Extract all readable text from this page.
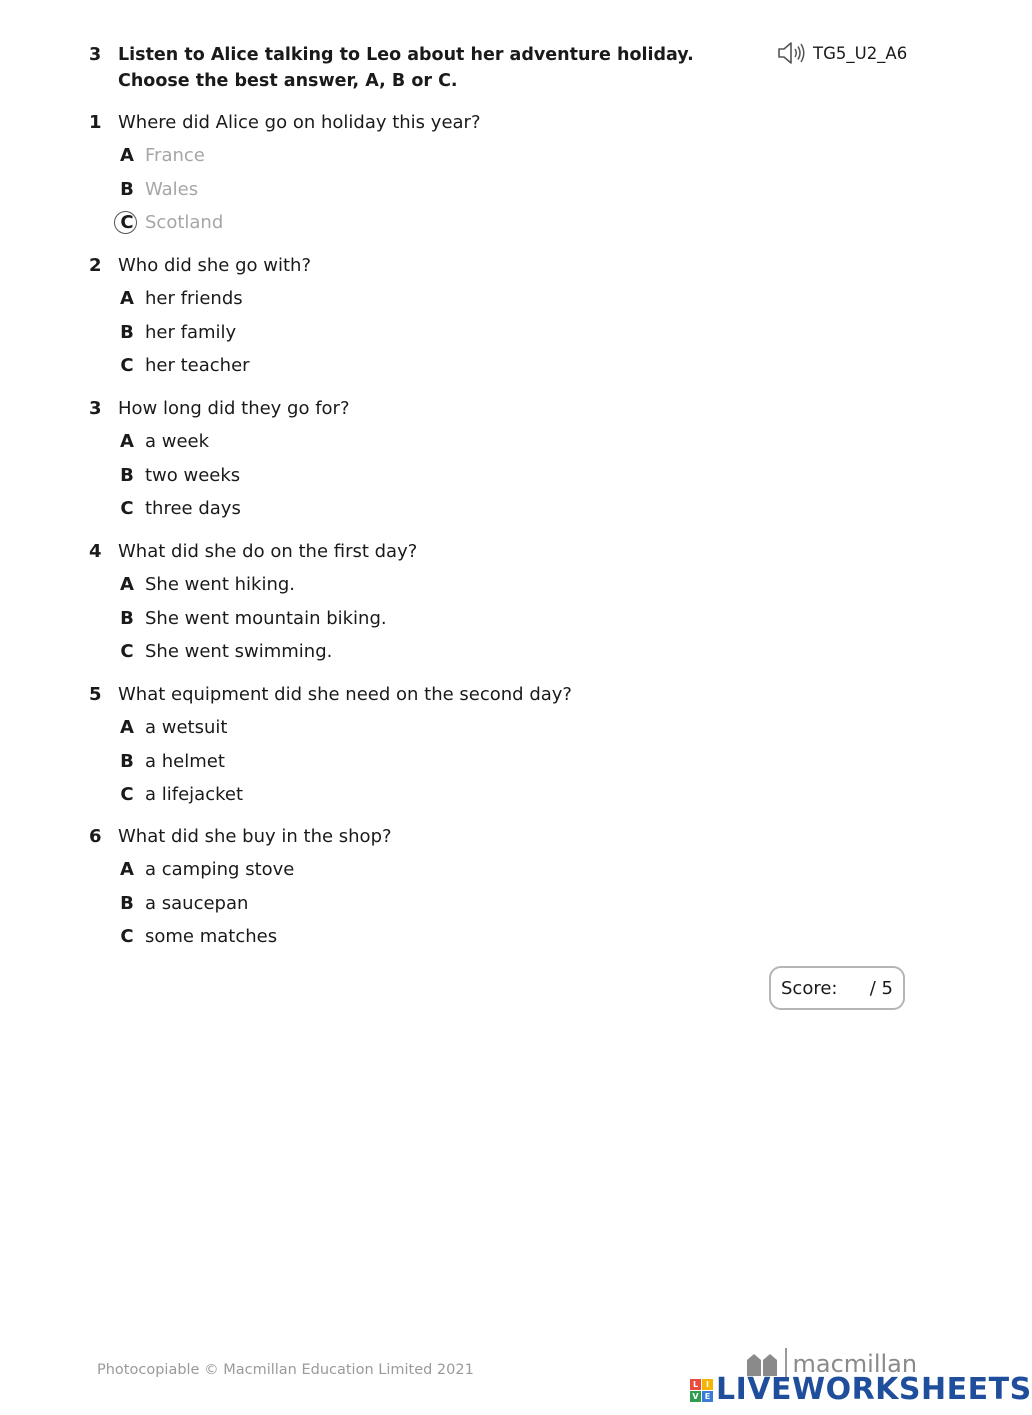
3 Listen to Alice talking to Leo about her adventure holiday. Choose the best answer, A, B or C.
TG5_U2_A6
1 Where did Alice go on holiday this year?
A France
B Wales
C Scotland
2 Who did she go with?
A her friends
B her family
C her teacher
3 How long did they go for?
A a week
B two weeks
C three days
4 What did she do on the first day?
A She went hiking.
B She went mountain biking.
C She went swimming.
5 What equipment did she need on the second day?
A a wetsuit
B a helmet
C a lifejacket
6 What did she buy in the shop?
A a camping stove
B a saucepan
C some matches
Score: / 5
Photocopiable © Macmillan Education Limited 2021	macmillan
L I
V E LIVEWORKSHEETS
